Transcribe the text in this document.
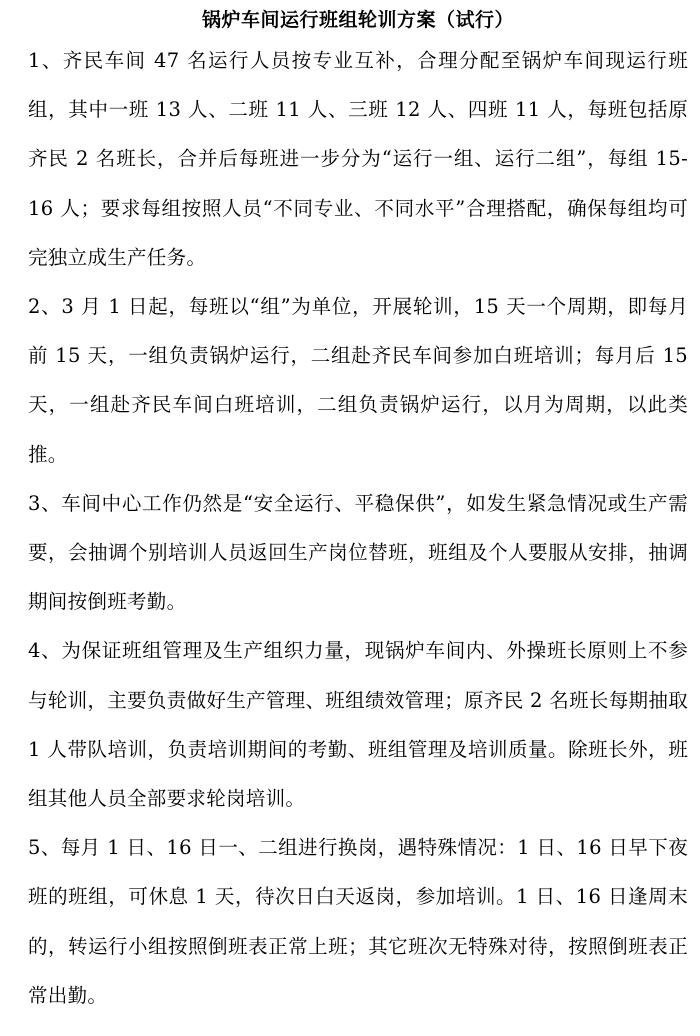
锅炉车间运行班组轮训方案（试行）

1、齐民车间 47 名运行人员按专业互补，合理分配至锅炉车间现运行班组，其中一班 13 人、二班 11 人、三班 12 人、四班 11 人，每班包括原齐民 2 名班长，合并后每班进一步分为“运行一组、运行二组”，每组 15-16 人；要求每组按照人员“不同专业、不同水平”合理搭配，确保每组均可完独立成生产任务。

2、3 月 1 日起，每班以“组”为单位，开展轮训，15 天一个周期，即每月前 15 天，一组负责锅炉运行，二组赴齐民车间参加白班培训；每月后 15 天，一组赴齐民车间白班培训，二组负责锅炉运行，以月为周期，以此类推。

3、车间中心工作仍然是“安全运行、平稳保供”，如发生紧急情况或生产需要，会抽调个别培训人员返回生产岗位替班，班组及个人要服从安排，抽调期间按倒班考勤。

4、为保证班组管理及生产组织力量，现锅炉车间内、外操班长原则上不参与轮训，主要负责做好生产管理、班组绩效管理；原齐民 2 名班长每期抽取 1 人带队培训，负责培训期间的考勤、班组管理及培训质量。除班长外，班组其他人员全部要求轮岗培训。

5、每月 1 日、16 日一、二组进行换岗，遇特殊情况：1 日、16 日早下夜班的班组，可休息 1 天，待次日白天返岗，参加培训。1 日、16 日逢周末的，转运行小组按照倒班表正常上班；其它班次无特殊对待，按照倒班表正常出勤。
